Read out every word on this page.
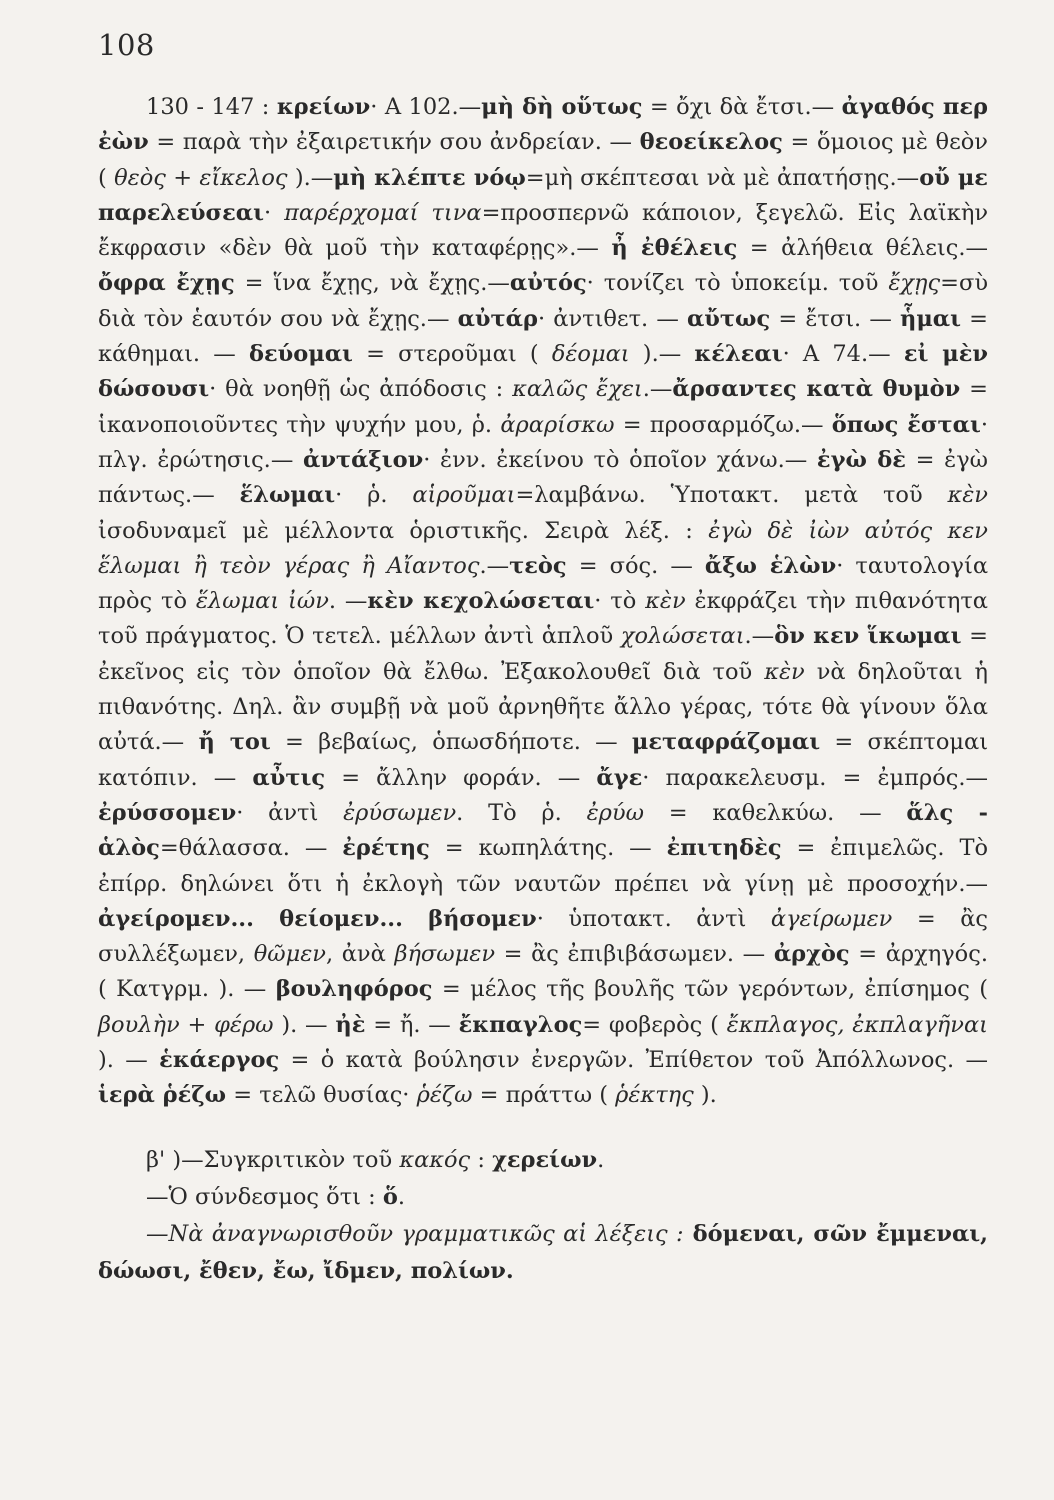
108

130 - 147 : κρείων· Α 102.—μὴ δὴ οὕτως = ὄχι δὰ ἔτσι.— ἀγαθός περ ἐὼν = παρὰ τὴν ἐξαιρετικήν σου ἀνδρείαν. — θεοείκελος = ὅμοιος μὲ θεὸν ( θεὸς + εἴκελος ).—μὴ κλέπτε νόῳ=μὴ σκέπτεσαι νὰ μὲ ἀπατήσῃς.—οὔ με παρελεύσεαι· παρέρχομαί τινα=προσπερνῶ κάποιον, ξεγελῶ. Εἰς λαϊκὴν ἔκφρασιν «δὲν θὰ μοῦ τὴν καταφέρῃς».— ἦ ἐθέλεις = ἀλήθεια θέλεις.—ὄφρα ἔχῃς = ἵνα ἔχῃς, νὰ ἔχῃς.—αὐτός· τονίζει τὸ ὑποκείμ. τοῦ ἔχῃς=σὺ διὰ τὸν ἑαυτόν σου νὰ ἔχῃς.— αὐτάρ· ἀντιθετ. — αὔτως = ἔτσι. — ἧμαι = κάθημαι. — δεύομαι = στεροῦμαι ( δέομαι ).— κέλεαι· Α 74.— εἰ μὲν δώσουσι· θὰ νοηθῇ ὡς ἀπόδοσις : καλῶς ἔχει.—ἄρσαντες κατὰ θυμὸν = ἱκανοποιοῦντες τὴν ψυχήν μου, ῥ. ἀραρίσκω = προσαρμόζω.— ὅπως ἔσται· πλγ. ἐρώτησις.— ἀντάξιον· ἐνν. ἐκείνου τὸ ὁποῖον χάνω.— ἐγὼ δὲ = ἐγὼ πάντως.— ἕλωμαι· ῥ. αἱροῦμαι=λαμβάνω. Ὑποτακτ. μετὰ τοῦ κὲν ἰσοδυναμεῖ μὲ μέλλοντα ὁριστικῆς. Σειρὰ λέξ. : ἐγὼ δὲ ἰὼν αὐτός κεν ἕλωμαι ἢ τεὸν γέρας ἢ Αἴαντος.—τεὸς = σός. — ἄξω ἑλὼν· ταυτολογία πρὸς τὸ ἕλωμαι ἰών. —κὲν κεχολώσεται· τὸ κὲν ἐκφράζει τὴν πιθανότητα τοῦ πράγματος. Ὁ τετελ. μέλλων ἀντὶ ἁπλοῦ χολώσεται.—ὃν κεν ἵκωμαι = ἐκεῖνος εἰς τὸν ὁποῖον θὰ ἔλθω. Ἐξακολουθεῖ διὰ τοῦ κὲν νὰ δηλοῦται ἡ πιθανότης. Δηλ. ἂν συμβῇ νὰ μοῦ ἀρνηθῆτε ἄλλο γέρας, τότε θὰ γίνουν ὅλα αὐτά.— ἤ τοι = βεβαίως, ὁπωσδήποτε. — μεταφράζομαι = σκέπτομαι κατόπιν. — αὖτις = ἄλλην φοράν. — ἄγε· παρακελευσμ. = ἐμπρός.—ἐρύσσομεν· ἀντὶ ἐρύσωμεν. Τὸ ῥ. ἐρύω = καθελκύω. — ἅλς - ἁλὸς=θάλασσα. — ἐρέτης = κωπηλάτης. — ἐπιτηδὲς = ἐπιμελῶς. Τὸ ἐπίρρ. δηλώνει ὅτι ἡ ἐκλογὴ τῶν ναυτῶν πρέπει νὰ γίνῃ μὲ προσοχήν.— ἀγείρομεν... θείομεν... βήσομεν· ὑποτακτ. ἀντὶ ἀγείρωμεν = ἂς συλλέξωμεν, θῶμεν, ἀνὰ βήσωμεν = ἂς ἐπιβιβάσωμεν. — ἀρχὸς = ἀρχηγός. ( Κατγρμ. ). — βουληφόρος = μέλος τῆς βουλῆς τῶν γερόντων, ἐπίσημος ( βουλὴν + φέρω ). — ἠὲ = ἤ. — ἔκπαγλος= φοβερὸς ( ἔκπλαγος, ἐκπλαγῆναι ). — ἑκάεργος = ὁ κατὰ βούλησιν ἐνεργῶν. Ἐπίθετον τοῦ Ἀπόλλωνος. — ἱερὰ ῥέζω = τελῶ θυσίας· ῥέζω = πράττω ( ῥέκτης ).

β' )—Συγκριτικὸν τοῦ κακός : χερείων.

—Ὁ σύνδεσμος ὅτι : ὅ.

—Νὰ ἀναγνωρισθοῦν γραμματικῶς αἱ λέξεις : δόμεναι, σῶν ἔμμεναι, δώωσι, ἔθεν, ἔω, ἴδμεν, πολίων.
